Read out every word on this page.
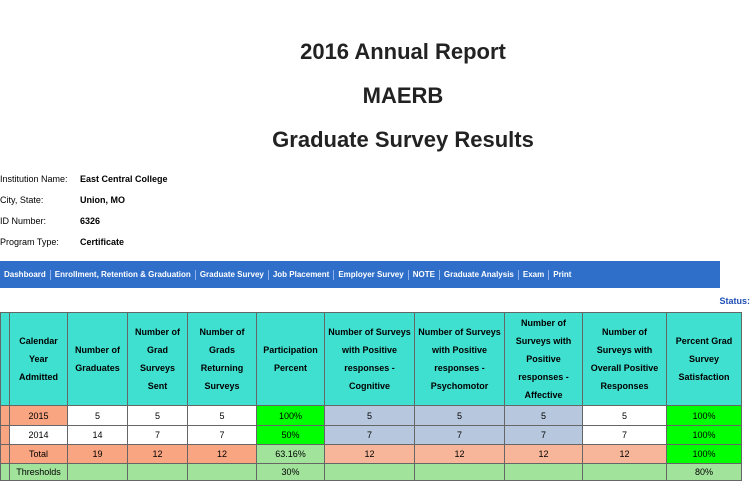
2016 Annual Report
MAERB
Graduate Survey Results
Institution Name: East Central College
City, State:	Union, MO
ID Number:	6326
Program Type: Certificate
Dashboard	Enrollment, Retention & Graduation	Graduate Survey	Job Placement	Employer Survey	NOTE	Graduate Analysis	Exam	Print
Status:
	Calendar Year Admitted	Number of Graduates	Number of Grad Surveys Sent	Number of Grads Returning Surveys	Participation Percent	Number of Surveys with Positive responses - Cognitive	Number of Surveys with Positive responses - Psychomotor	Number of Surveys with Positive responses - Affective	Number of Surveys with Overall Positive Responses	Percent Grad Survey Satisfaction
	2015	5	5	5	100%	5	5	5	5	100%
	2014	14	7	7	50%	7	7	7	7	100%
	Total	19	12	12	63.16%	12	12	12	12	100%
	Thresholds				30%					80%
